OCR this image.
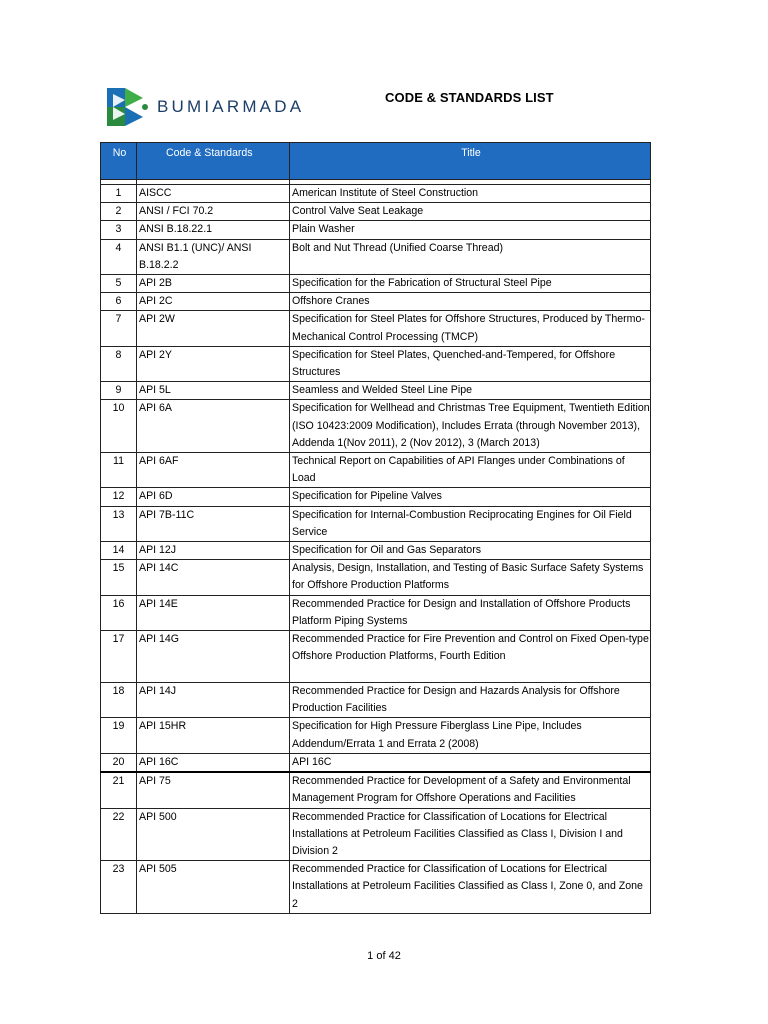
BUMIARMADA	CODE & STANDARDS LIST
No	Code & Standards	Title

1	AISCC	American Institute of Steel Construction
2	ANSI / FCI 70.2	Control Valve Seat Leakage
3	ANSI B.18.22.1	Plain Washer
4	ANSI B1.1 (UNC)/ ANSI B.18.2.2	Bolt and Nut Thread (Unified Coarse Thread)
5	API 2B	Specification for the Fabrication of Structural Steel Pipe
6	API 2C	Offshore Cranes
7	API 2W	Specification for Steel Plates for Offshore Structures, Produced by Thermo-Mechanical Control Processing (TMCP)
8	API 2Y	Specification for Steel Plates, Quenched-and-Tempered, for Offshore Structures
9	API 5L	Seamless and Welded Steel Line Pipe
10	API 6A	Specification for Wellhead and Christmas Tree Equipment, Twentieth Edition (ISO 10423:2009 Modification), Includes Errata (through November 2013), Addenda 1(Nov 2011), 2 (Nov 2012), 3 (March 2013)
11	API 6AF	Technical Report on Capabilities of API Flanges under Combinations of Load
12	API 6D	Specification for Pipeline Valves
13	API 7B-11C	Specification for Internal-Combustion Reciprocating Engines for Oil Field Service
14	API 12J	Specification for Oil and Gas Separators
15	API 14C	Analysis, Design, Installation, and Testing of Basic Surface Safety Systems for Offshore Production Platforms
16	API 14E	Recommended Practice for Design and Installation of Offshore Products Platform Piping Systems
17	API 14G	Recommended Practice for Fire Prevention and Control on Fixed Open-type Offshore Production Platforms, Fourth Edition
18	API 14J	Recommended Practice for Design and Hazards Analysis for Offshore Production Facilities
19	API 15HR	Specification for High Pressure Fiberglass Line Pipe, Includes Addendum/Errata 1 and Errata 2 (2008)
20	API 16C	API 16C
21	API 75	Recommended Practice for Development of a Safety and Environmental Management Program for Offshore Operations and Facilities
22	API 500	Recommended Practice for Classification of Locations for Electrical Installations at Petroleum Facilities Classified as Class I, Division I and Division 2
23	API 505	Recommended Practice for Classification of Locations for Electrical Installations at Petroleum Facilities Classified as Class I, Zone 0, and Zone 2
1 of 42
